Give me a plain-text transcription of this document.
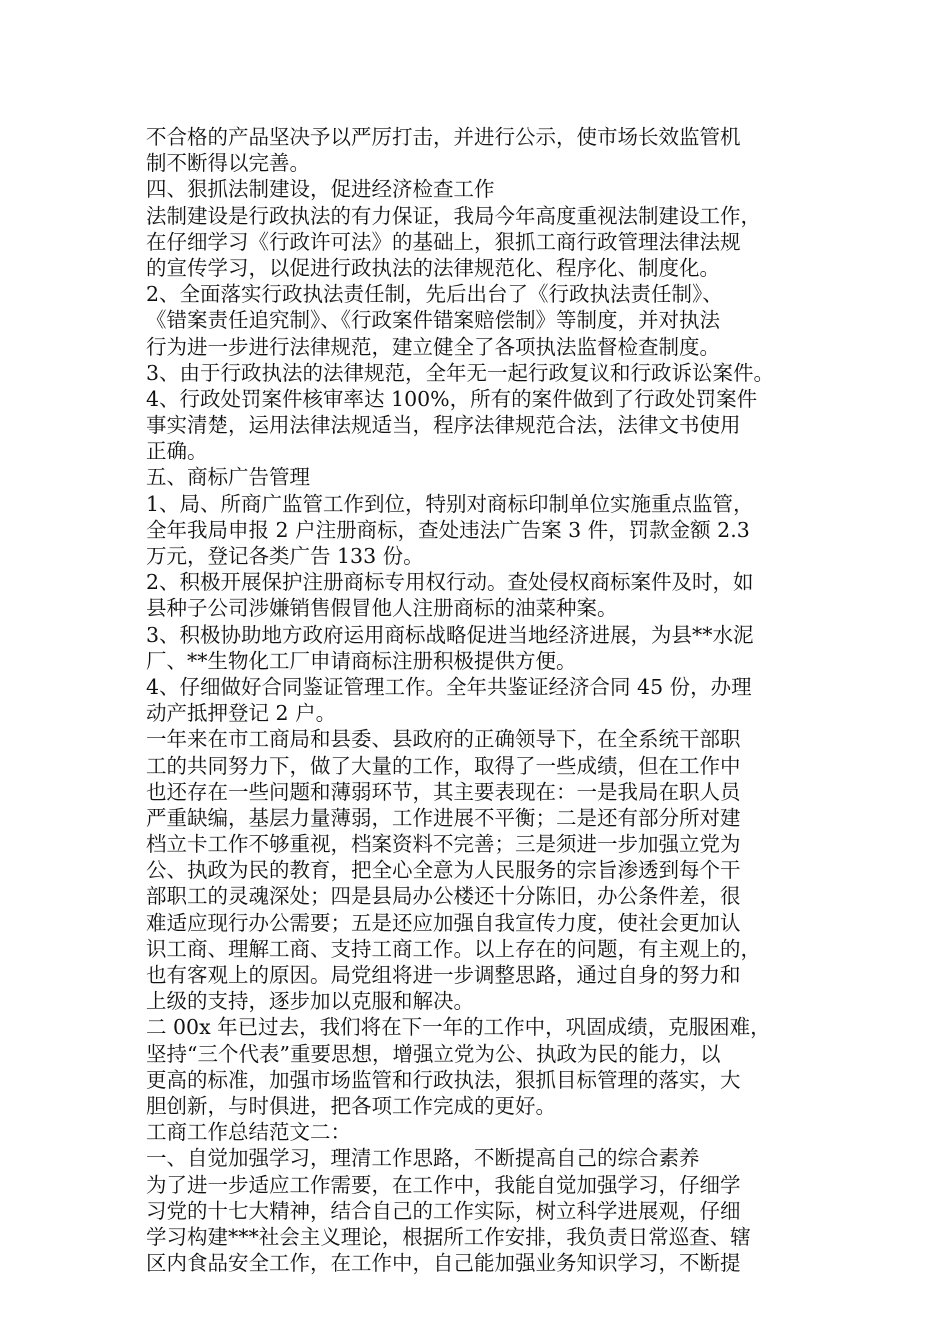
不合格的产品坚决予以严厉打击，并进行公示，使市场长效监管机
制不断得以完善。
四、狠抓法制建设，促进经济检查工作
法制建设是行政执法的有力保证，我局今年高度重视法制建设工作，
在仔细学习《行政许可法》的基础上，狠抓工商行政管理法律法规
的宣传学习，以促进行政执法的法律规范化、程序化、制度化。
2、全面落实行政执法责任制，先后出台了《行政执法责任制》、
《错案责任追究制》、《行政案件错案赔偿制》等制度，并对执法
行为进一步进行法律规范，建立健全了各项执法监督检查制度。
3、由于行政执法的法律规范，全年无一起行政复议和行政诉讼案件。
4、行政处罚案件核审率达 100%，所有的案件做到了行政处罚案件
事实清楚，运用法律法规适当，程序法律规范合法，法律文书使用
正确。
五、商标广告管理
1、局、所商广监管工作到位，特别对商标印制单位实施重点监管，
全年我局申报 2 户注册商标，查处违法广告案 3 件，罚款金额 2.3
万元，登记各类广告 133 份。
2、积极开展保护注册商标专用权行动。查处侵权商标案件及时，如
县种子公司涉嫌销售假冒他人注册商标的油菜种案。
3、积极协助地方政府运用商标战略促进当地经济进展，为县**水泥
厂、**生物化工厂申请商标注册积极提供方便。
4、仔细做好合同鉴证管理工作。全年共鉴证经济合同 45 份，办理
动产抵押登记 2 户。
一年来在市工商局和县委、县政府的正确领导下，在全系统干部职
工的共同努力下，做了大量的工作，取得了一些成绩，但在工作中
也还存在一些问题和薄弱环节，其主要表现在：一是我局在职人员
严重缺编，基层力量薄弱，工作进展不平衡；二是还有部分所对建
档立卡工作不够重视，档案资料不完善；三是须进一步加强立党为
公、执政为民的教育，把全心全意为人民服务的宗旨渗透到每个干
部职工的灵魂深处；四是县局办公楼还十分陈旧，办公条件差，很
难适应现行办公需要；五是还应加强自我宣传力度，使社会更加认
识工商、理解工商、支持工商工作。以上存在的问题，有主观上的，
也有客观上的原因。局党组将进一步调整思路，通过自身的努力和
上级的支持，逐步加以克服和解决。
二 00x 年已过去，我们将在下一年的工作中，巩固成绩，克服困难，
坚持“三个代表”重要思想，增强立党为公、执政为民的能力，以
更高的标准，加强市场监管和行政执法，狠抓目标管理的落实，大
胆创新，与时俱进，把各项工作完成的更好。
工商工作总结范文二：
一、自觉加强学习，理清工作思路，不断提高自己的综合素养
为了进一步适应工作需要，在工作中，我能自觉加强学习，仔细学
习党的十七大精神，结合自己的工作实际，树立科学进展观，仔细
学习构建***社会主义理论，根据所工作安排，我负责日常巡查、辖
区内食品安全工作，在工作中，自己能加强业务知识学习，不断提
